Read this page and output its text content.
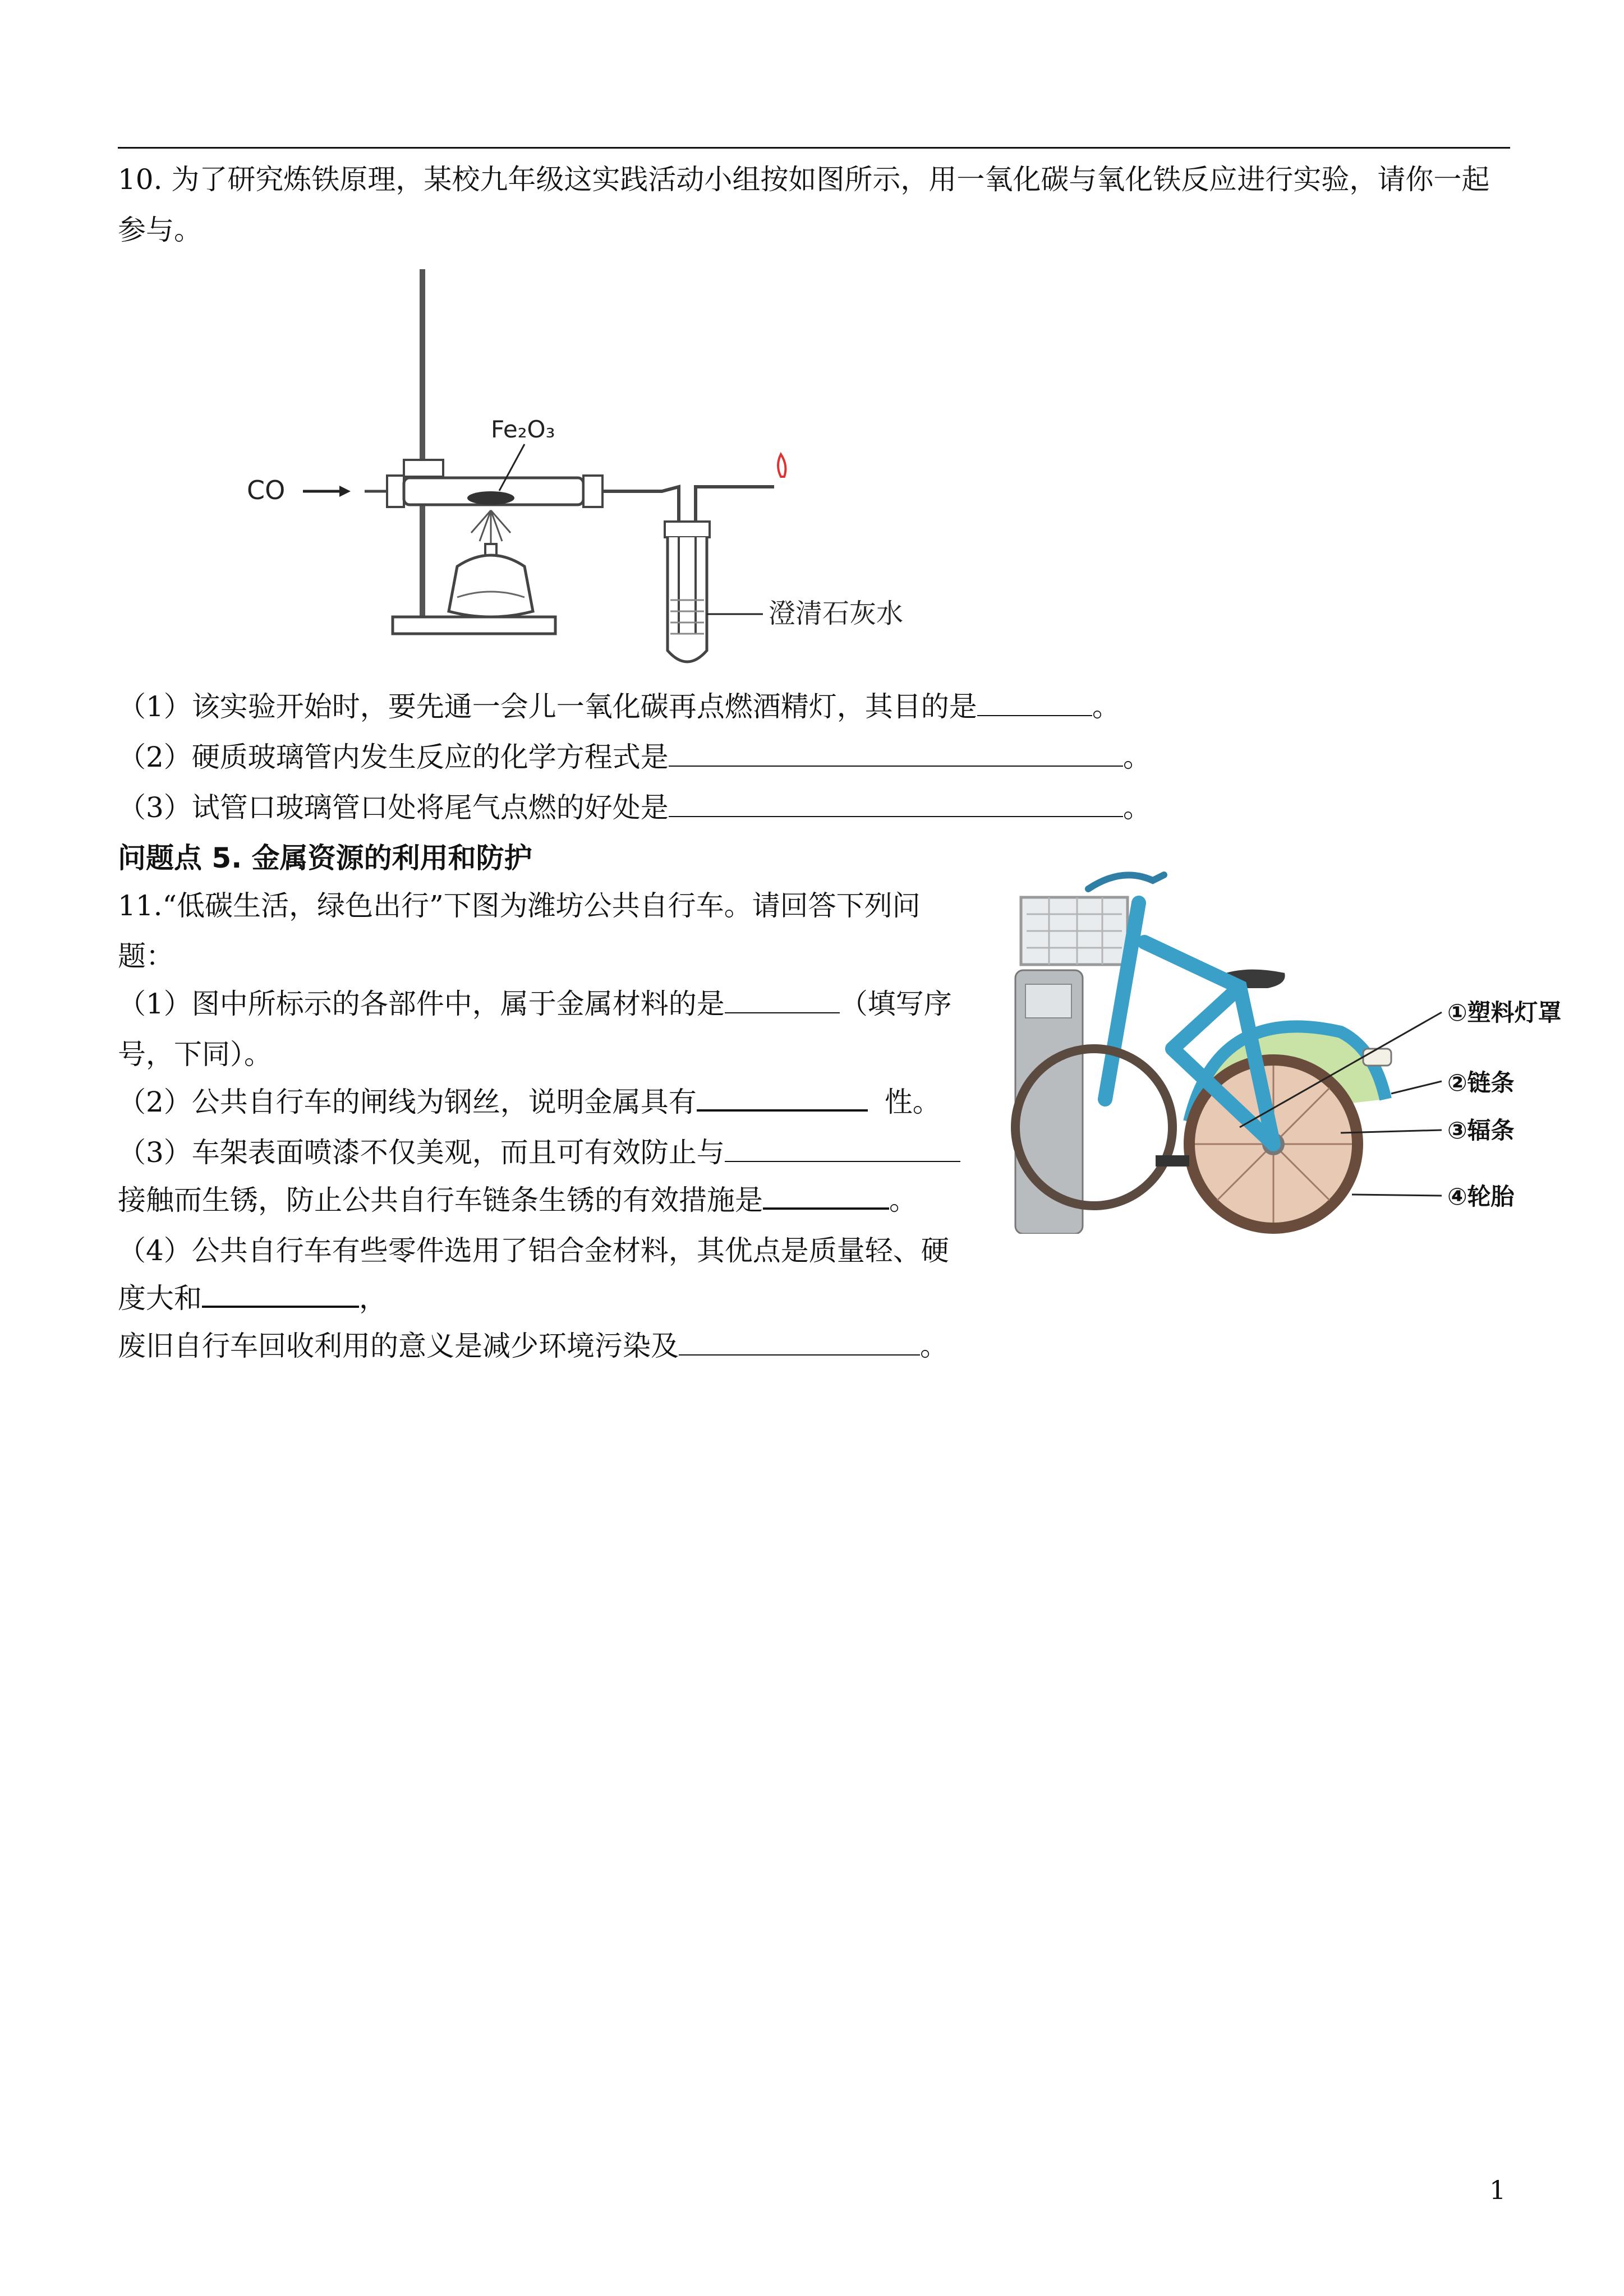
10. 为了研究炼铁原理，某校九年级这实践活动小组按如图所示，用一氧化碳与氧化铁反应进行实验，请你一起
参与。
CO
Fe₂O₃
澄清石灰水
（1）该实验开始时，要先通一会儿一氧化碳再点燃酒精灯，其目的是	。
（2）硬质玻璃管内发生反应的化学方程式是	。
（3）试管口玻璃管口处将尾气点燃的好处是	。
问题点 5. 金属资源的利用和防护
11.“低碳生活，绿色出行”下图为潍坊公共自行车。请回答下列问
题：
（1）图中所标示的各部件中，属于金属材料的是	（填写序
号，下同）。
（2）公共自行车的闸线为钢丝，说明金属具有	性。
（3）车架表面喷漆不仅美观，而且可有效防止与
接触而生锈，防止公共自行车链条生锈的有效措施是	。
（4）公共自行车有些零件选用了铝合金材料，其优点是质量轻、硬
度大和	，
废旧自行车回收利用的意义是减少环境污染及	。
①塑料灯罩
②链条
③辐条
④轮胎
1
